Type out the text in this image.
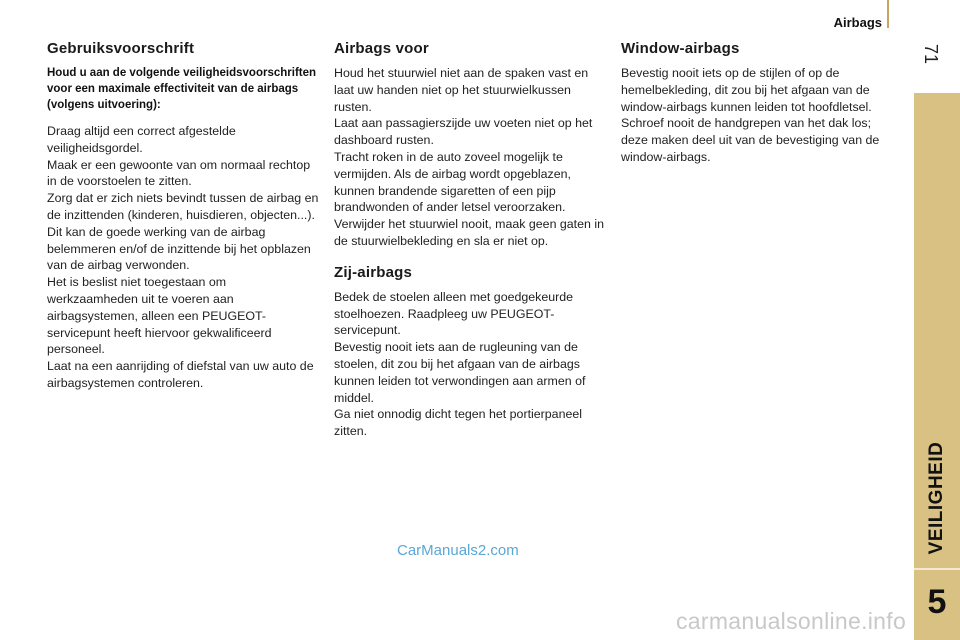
Airbags
71
VEILIGHEID
5
Gebruiksvoorschrift

Houd u aan de volgende veiligheidsvoorschriften voor een maximale effectiviteit van de airbags (volgens uitvoering):

Draag altijd een correct afgestelde veiligheidsgordel.
Maak er een gewoonte van om normaal rechtop in de voorstoelen te zitten.
Zorg dat er zich niets bevindt tussen de airbag en de inzittenden (kinderen, huisdieren, objecten...).
Dit kan de goede werking van de airbag belemmeren en/of de inzittende bij het opblazen van de airbag verwonden.
Het is beslist niet toegestaan om werkzaamheden uit te voeren aan airbagsystemen, alleen een PEUGEOT-servicepunt heeft hiervoor gekwalificeerd personeel.
Laat na een aanrijding of diefstal van uw auto de airbagsystemen controleren.

Airbags voor

Houd het stuurwiel niet aan de spaken vast en laat uw handen niet op het stuurwielkussen rusten.
Laat aan passagierszijde uw voeten niet op het dashboard rusten.
Tracht roken in de auto zoveel mogelijk te vermijden. Als de airbag wordt opgeblazen, kunnen brandende sigaretten of een pijp brandwonden of ander letsel veroorzaken.
Verwijder het stuurwiel nooit, maak geen gaten in de stuurwielbekleding en sla er niet op.

Zij-airbags

Bedek de stoelen alleen met goedgekeurde stoelhoezen. Raadpleeg uw PEUGEOT-servicepunt.
Bevestig nooit iets aan de rugleuning van de stoelen, dit zou bij het afgaan van de airbags kunnen leiden tot verwondingen aan armen of middel.
Ga niet onnodig dicht tegen het portierpaneel zitten.

Window-airbags

Bevestig nooit iets op de stijlen of op de hemelbekleding, dit zou bij het afgaan van de window-airbags kunnen leiden tot hoofdletsel.
Schroef nooit de handgrepen van het dak los; deze maken deel uit van de bevestiging van de window-airbags.

CarManuals2.com
carmanualsonline.info
